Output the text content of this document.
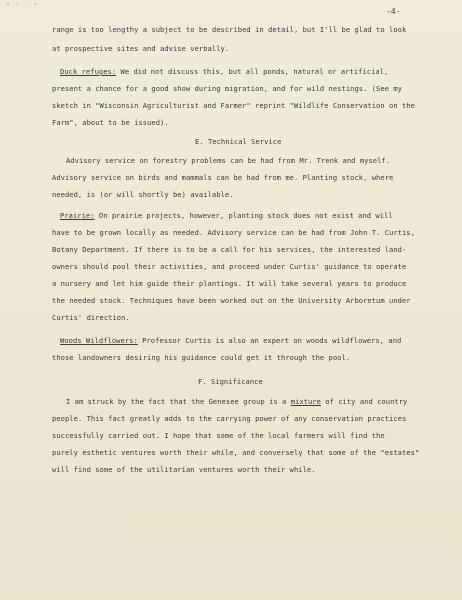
" ' ` "
-4-
range is too lengthy a subject to be described in detail, but I'll be glad to look
at prospective sites and advise verbally.
Duck refuges: We did not discuss this, but all ponds, natural or artificial,
present a chance for a good show during migration, and for wild nestings. (See my
sketch in "Wisconsin Agriculturist and Farmer" reprint "Wildlife Conservation on the
Farm", about to be issued).
E. Technical Service
Advisory service on forestry problems can be had from Mr. Trenk and myself.
Advisory service on birds and mammals can be had from me. Planting stock, where
needed, is (or will shortly be) available.
Prairie: On prairie projects, however, planting stock does not exist and will
have to be grown locally as needed. Advisory service can be had from John T. Curtis,
Botany Department. If there is to be a call for his services, the interested land-
owners should pool their activities, and proceed under Curtis' guidance to operate
a nursery and let him guide their plantings. It will take several years to produce
the needed stock. Techniques have been worked out on the University Arboretum under
Curtis' direction.
Woods Wildflowers: Professor Curtis is also an expert on woods wildflowers, and
those landowners desiring his guidance could get it through the pool.
F. Significance
I am struck by the fact that the Genesee group is a mixture of city and country
people. This fact greatly adds to the carrying power of any conservation practices
successfully carried out. I hope that some of the local farmers will find the
purely esthetic ventures worth their while, and conversely that some of the "estates"
will find some of the utilitarian ventures worth their while.
